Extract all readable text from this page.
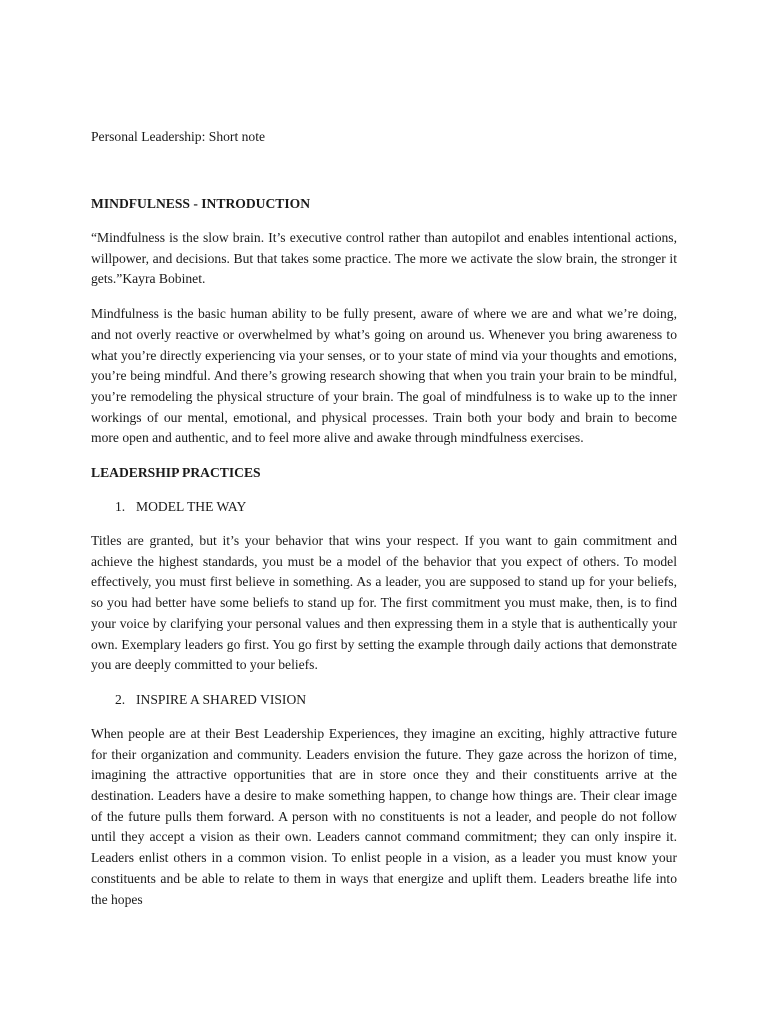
Personal Leadership: Short note

MINDFULNESS - INTRODUCTION

“Mindfulness is the slow brain. It’s executive control rather than autopilot and enables intentional actions, willpower, and decisions. But that takes some practice. The more we activate the slow brain, the stronger it gets.”Kayra Bobinet.

Mindfulness is the basic human ability to be fully present, aware of where we are and what we’re doing, and not overly reactive or overwhelmed by what’s going on around us. Whenever you bring awareness to what you’re directly experiencing via your senses, or to your state of mind via your thoughts and emotions, you’re being mindful. And there’s growing research showing that when you train your brain to be mindful, you’re remodeling the physical structure of your brain. The goal of mindfulness is to wake up to the inner workings of our mental, emotional, and physical processes. Train both your body and brain to become more open and authentic, and to feel more alive and awake through mindfulness exercises.

LEADERSHIP PRACTICES

1. MODEL THE WAY

Titles are granted, but it’s your behavior that wins your respect. If you want to gain commitment and achieve the highest standards, you must be a model of the behavior that you expect of others. To model effectively, you must first believe in something. As a leader, you are supposed to stand up for your beliefs, so you had better have some beliefs to stand up for. The first commitment you must make, then, is to find your voice by clarifying your personal values and then expressing them in a style that is authentically your own. Exemplary leaders go first. You go first by setting the example through daily actions that demonstrate you are deeply committed to your beliefs.

2. INSPIRE A SHARED VISION

When people are at their Best Leadership Experiences, they imagine an exciting, highly attractive future for their organization and community. Leaders envision the future. They gaze across the horizon of time, imagining the attractive opportunities that are in store once they and their constituents arrive at the destination. Leaders have a desire to make something happen, to change how things are. Their clear image of the future pulls them forward. A person with no constituents is not a leader, and people do not follow until they accept a vision as their own. Leaders cannot command commitment; they can only inspire it. Leaders enlist others in a common vision. To enlist people in a vision, as a leader you must know your constituents and be able to relate to them in ways that energize and uplift them. Leaders breathe life into the hopes
